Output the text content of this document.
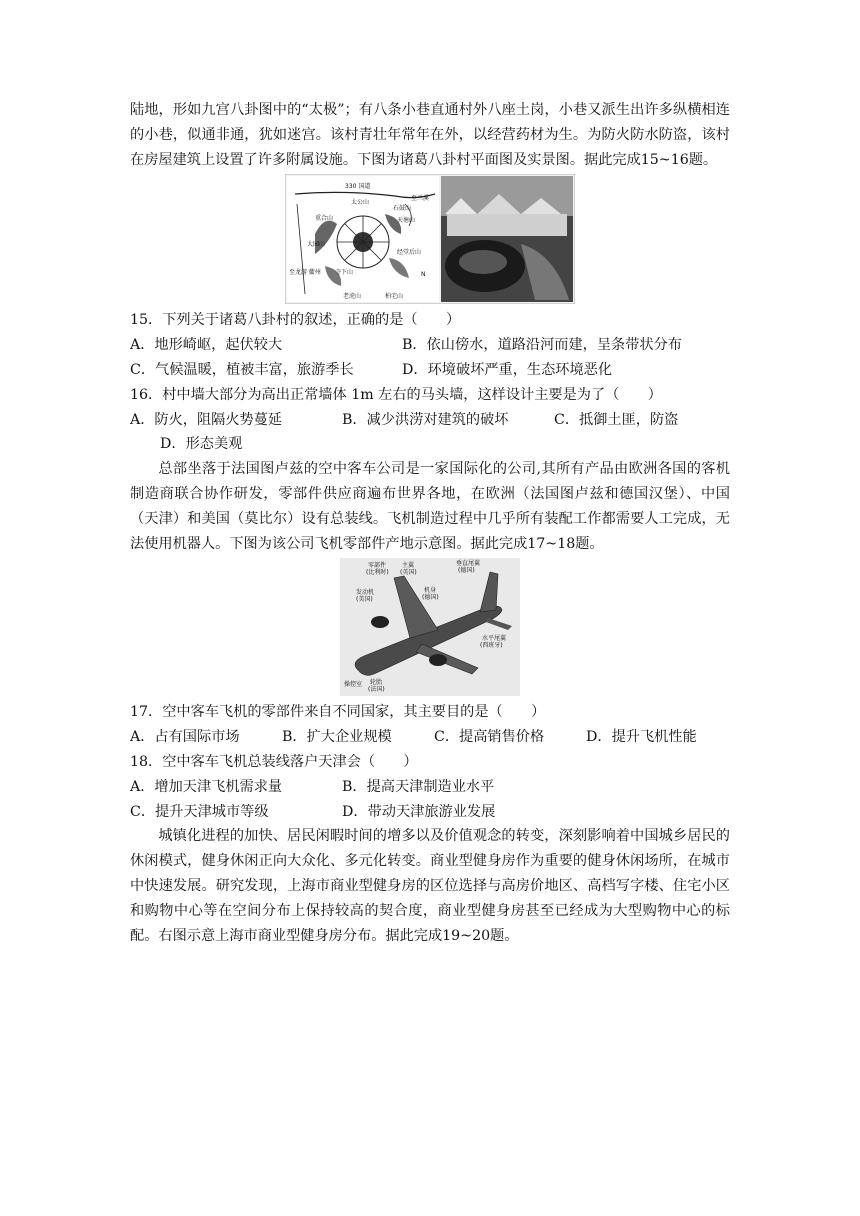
陆地，形如九宫八卦图中的“太极”；有八条小巷直通村外八座土岗，小巷又派生出许多纵横相连的小巷，似通非通，犹如迷宫。该村青壮年常年在外，以经营药材为生。为防火防水防盗，该村在房屋建筑上设置了许多附属设施。下图为诸葛八卦村平面图及实景图。据此完成15~16题。

330 国道
太公山
重合山
大园山
石鼓山
天塘山
至兰溪
至龙游 衢州
经堂后山
寺下山
老虎山	柏宅山
N

15．下列关于诸葛八卦村的叙述，正确的是（　　）

A．地形崎岖，起伏较大	B．依山傍水，道路沿河而建，呈条带状分布
C．气候温暖，植被丰富，旅游季长	D．环境破坏严重，生态环境恶化

16．村中墙大部分为高出正常墙体 1m 左右的马头墙，这样设计主要是为了（　　）

A．防火，阻隔火势蔓延	B．减少洪涝对建筑的破坏	C．抵御土匪，防盗
D．形态美观

总部坐落于法国图卢兹的空中客车公司是一家国际化的公司,其所有产品由欧洲各国的客机制造商联合协作研发，零部件供应商遍布世界各地，在欧洲（法国图卢兹和德国汉堡）、中国（天津）和美国（莫比尔）设有总装线。飞机制造过程中几乎所有装配工作都需要人工完成，无法使用机器人。下图为该公司飞机零部件产地示意图。据此完成17~18题。

零部件
(比利时)
主翼
(英国)
垂直尾翼
(德国)
发动机
(美国)
机身
(德国)
水平尾翼
(西班牙)
操控室 轮胎
(法国)

17．空中客车飞机的零部件来自不同国家，其主要目的是（　　）

A．占有国际市场	B．扩大企业规模	C．提高销售价格	D．提升飞机性能

18．空中客车飞机总装线落户天津会（　　）

A．增加天津飞机需求量	B．提高天津制造业水平
C．提升天津城市等级	D．带动天津旅游业发展

城镇化进程的加快、居民闲暇时间的增多以及价值观念的转变，深刻影响着中国城乡居民的休闲模式，健身休闲正向大众化、多元化转变。商业型健身房作为重要的健身休闲场所，在城市中快速发展。研究发现，上海市商业型健身房的区位选择与高房价地区、高档写字楼、住宅小区和购物中心等在空间分布上保持较高的契合度，商业型健身房甚至已经成为大型购物中心的标配。右图示意上海市商业型健身房分布。据此完成19~20题。
